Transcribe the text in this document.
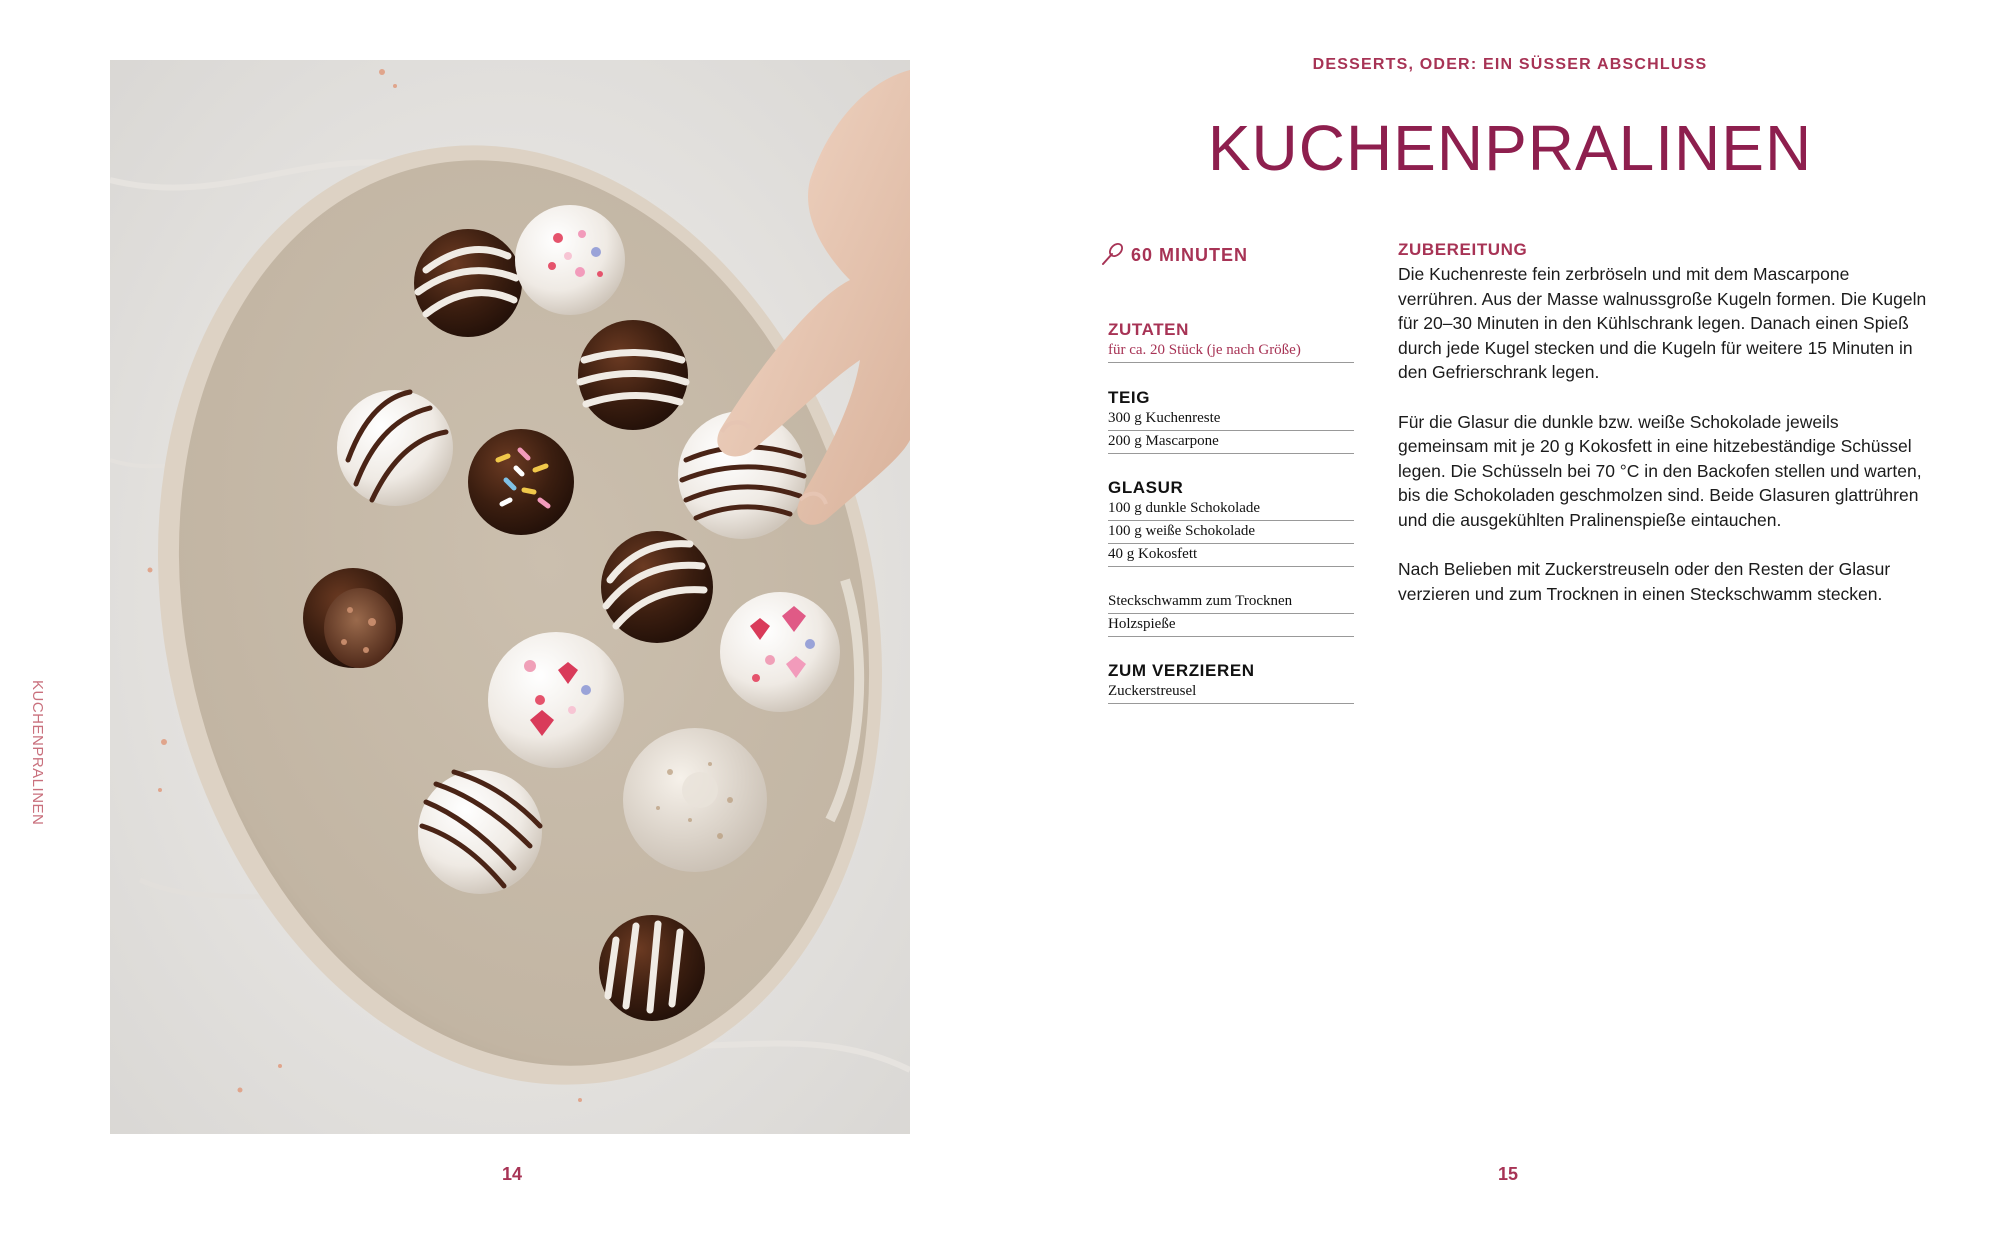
KUCHENPRALINEN
14
DESSERTS, ODER: EIN SÜSSER ABSCHLUSS
KUCHENPRALINEN
60 MINUTEN
ZUTATEN
für ca. 20 Stück (je nach Größe)
TEIG
300 g Kuchenreste
200 g Mascarpone
GLASUR
100 g dunkle Schokolade
100 g weiße Schokolade
40 g Kokosfett
Steckschwamm zum Trocknen
Holzspieße
ZUM VERZIEREN
Zuckerstreusel
ZUBEREITUNG

Die Kuchenreste fein zerbröseln und mit dem Mascarpone verrühren. Aus der Masse walnussgroße Kugeln formen. Die Kugeln für 20–30 Minuten in den Kühlschrank legen. Danach einen Spieß durch jede Kugel stecken und die Kugeln für weitere 15 Minuten in den Gefrierschrank legen.

Für die Glasur die dunkle bzw. weiße Schokolade jeweils gemeinsam mit je 20 g Kokosfett in eine hitzebeständige Schüssel legen. Die Schüsseln bei 70 °C in den Backofen stellen und warten, bis die Schokoladen geschmolzen sind. Beide Glasuren glattrühren und die ausgekühlten Pralinenspieße eintauchen.

Nach Belieben mit Zuckerstreuseln oder den Resten der Glasur verzieren und zum Trocknen in einen Steckschwamm stecken.

15
